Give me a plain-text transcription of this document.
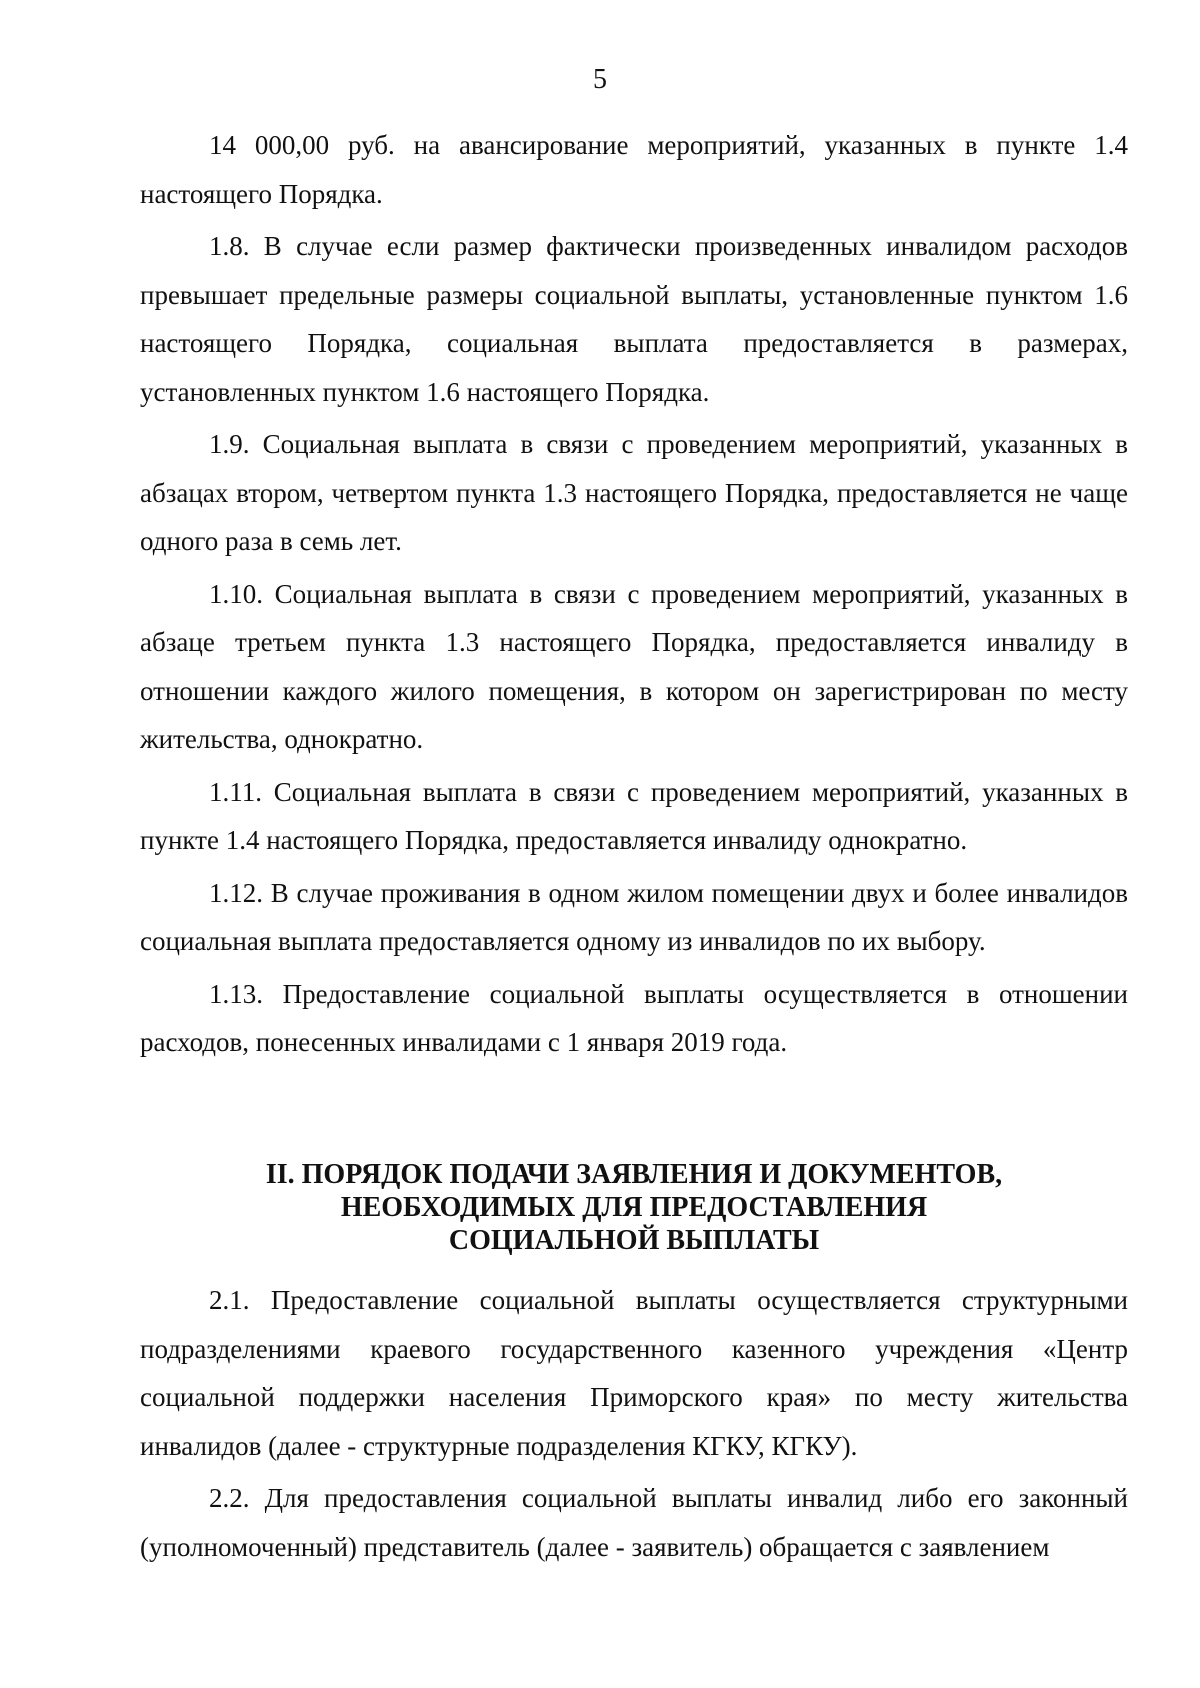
5

14 000,00 руб. на авансирование мероприятий, указанных в пункте 1.4 настоящего Порядка.

1.8. В случае если размер фактически произведенных инвалидом расходов превышает предельные размеры социальной выплаты, установленные пунктом 1.6 настоящего Порядка, социальная выплата предоставляется в размерах, установленных пунктом 1.6 настоящего Порядка.

1.9. Социальная выплата в связи с проведением мероприятий, указанных в абзацах втором, четвертом пункта 1.3 настоящего Порядка, предоставляется не чаще одного раза в семь лет.

1.10. Социальная выплата в связи с проведением мероприятий, указанных в абзаце третьем пункта 1.3 настоящего Порядка, предоставляется инвалиду в отношении каждого жилого помещения, в котором он зарегистрирован по месту жительства, однократно.

1.11. Социальная выплата в связи с проведением мероприятий, указанных в пункте 1.4 настоящего Порядка, предоставляется инвалиду однократно.

1.12. В случае проживания в одном жилом помещении двух и более инвалидов социальная выплата предоставляется одному из инвалидов по их выбору.

1.13. Предоставление социальной выплаты осуществляется в отношении расходов, понесенных инвалидами с 1 января 2019 года.

II. ПОРЯДОК ПОДАЧИ ЗАЯВЛЕНИЯ И ДОКУМЕНТОВ,
НЕОБХОДИМЫХ ДЛЯ ПРЕДОСТАВЛЕНИЯ
СОЦИАЛЬНОЙ ВЫПЛАТЫ

2.1. Предоставление социальной выплаты осуществляется структурными подразделениями краевого государственного казенного учреждения «Центр социальной поддержки населения Приморского края» по месту жительства инвалидов (далее - структурные подразделения КГКУ, КГКУ).

2.2. Для предоставления социальной выплаты инвалид либо его законный (уполномоченный) представитель (далее - заявитель) обращается с заявлением
